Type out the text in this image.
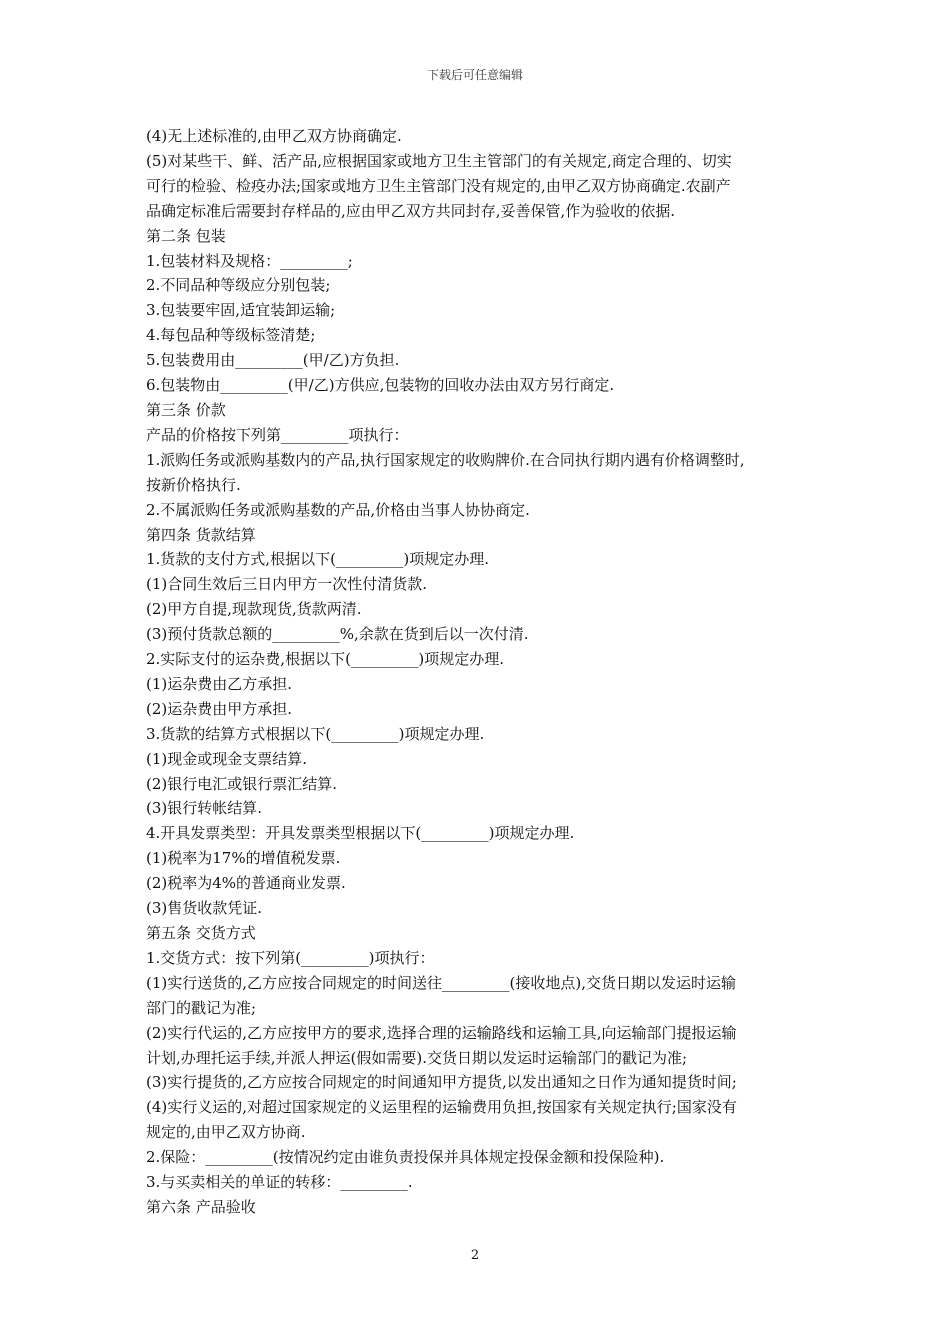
下载后可任意编辑
(4)无上述标准的,由甲乙双方协商确定.
(5)对某些干、鲜、活产品,应根据国家或地方卫生主管部门的有关规定,商定合理的、切实
可行的检验、检疫办法;国家或地方卫生主管部门没有规定的,由甲乙双方协商确定.农副产
品确定标准后需要封存样品的,应由甲乙双方共同封存,妥善保管,作为验收的依据.
第二条 包装
1.包装材料及规格：_________;
2.不同品种等级应分别包装;
3.包装要牢固,适宜装卸运输;
4.每包品种等级标签清楚;
5.包装费用由_________(甲/乙)方负担.
6.包装物由_________(甲/乙)方供应,包装物的回收办法由双方另行商定.
第三条 价款
产品的价格按下列第_________项执行：
1.派购任务或派购基数内的产品,执行国家规定的收购牌价.在合同执行期内遇有价格调整时,
按新价格执行.
2.不属派购任务或派购基数的产品,价格由当事人协协商定.
第四条 货款结算
1.货款的支付方式,根据以下(_________)项规定办理.
(1)合同生效后三日内甲方一次性付清货款.
(2)甲方自提,现款现货,货款两清.
(3)预付货款总额的_________%,余款在货到后以一次付清.
2.实际支付的运杂费,根据以下(_________)项规定办理.
(1)运杂费由乙方承担.
(2)运杂费由甲方承担.
3.货款的结算方式根据以下(_________)项规定办理.
(1)现金或现金支票结算.
(2)银行电汇或银行票汇结算.
(3)银行转帐结算.
4.开具发票类型：开具发票类型根据以下(_________)项规定办理.
(1)税率为17%的增值税发票.
(2)税率为4%的普通商业发票.
(3)售货收款凭证.
第五条 交货方式
1.交货方式：按下列第(_________)项执行：
(1)实行送货的,乙方应按合同规定的时间送往_________(接收地点),交货日期以发运时运输
部门的戳记为准;
(2)实行代运的,乙方应按甲方的要求,选择合理的运输路线和运输工具,向运输部门提报运输
计划,办理托运手续,并派人押运(假如需要).交货日期以发运时运输部门的戳记为准;
(3)实行提货的,乙方应按合同规定的时间通知甲方提货,以发出通知之日作为通知提货时间;
(4)实行义运的,对超过国家规定的义运里程的运输费用负担,按国家有关规定执行;国家没有
规定的,由甲乙双方协商.
2.保险：_________(按情况约定由谁负责投保并具体规定投保金额和投保险种).
3.与买卖相关的单证的转移：_________.
第六条 产品验收
2
